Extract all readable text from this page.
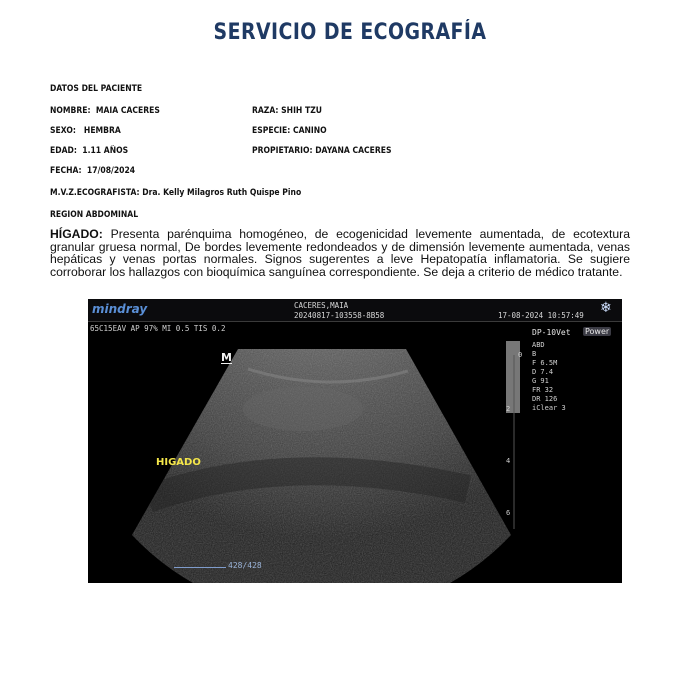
SERVICIO DE ECOGRAFÍA
DATOS DEL PACIENTE
NOMBRE: MAIA CACERES	RAZA: SHIH TZU
SEXO: HEMBRA	ESPECIE: CANINO
EDAD: 1.11 AÑOS	PROPIETARIO: DAYANA CACERES
FECHA: 17/08/2024
M.V.Z.ECOGRAFISTA: Dra. Kelly Milagros Ruth Quispe Pino
REGION ABDOMINAL
HÍGADO: Presenta parénquima homogéneo, de ecogenicidad levemente aumentada, de ecotextura granular gruesa normal, De bordes levemente redondeados y de dimensión levemente aumentada, venas hepáticas y venas portas normales. Signos sugerentes a leve Hepatopatía inflamatoria. Se sugiere corroborar los hallazgos con bioquímica sanguínea correspondiente. Se deja a criterio de médico tratante.
mindray	CACERES,MAIA
20240817-103558-8B58	17-08-2024 10:57:49 ❄
65C15EAV AP 97% MI 0.5 TIS 0.2	DP-10Vet Power
ABD
B
F 6.5M
D 7.4
G 91
FR 32
DR 126
iClear 3
0
2
4
6
M
HIGADO
428/428
